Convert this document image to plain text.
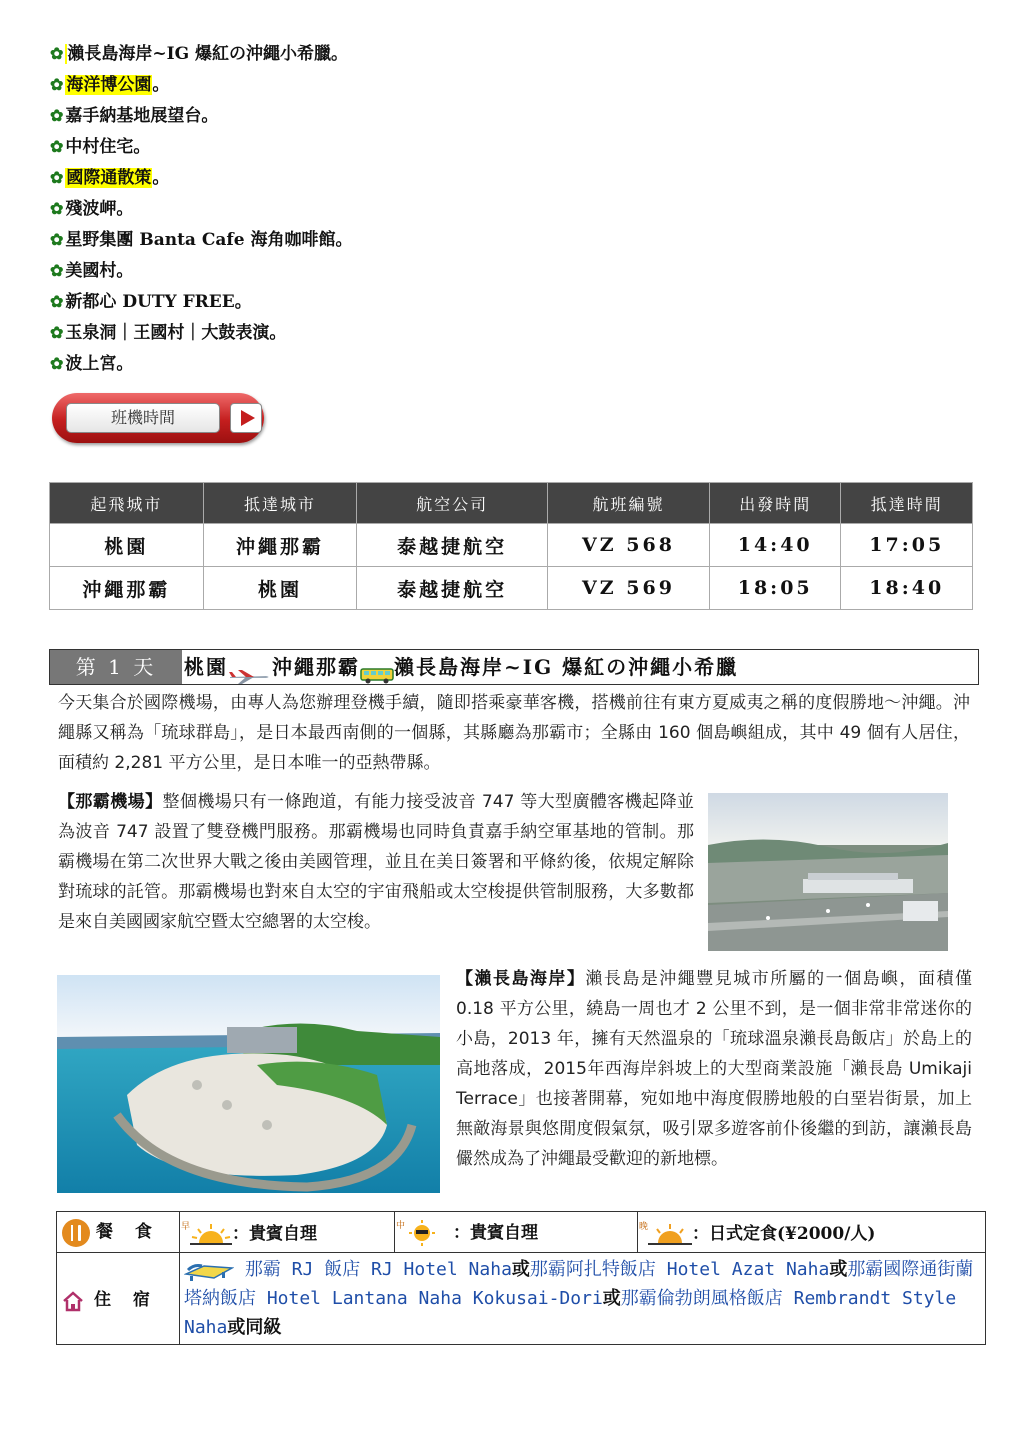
✿ 瀨長島海岸~IG 爆紅の沖繩小希臘。
✿ 海洋博公園。
✿ 嘉手納基地展望台。
✿ 中村住宅。
✿ 國際通散策。
✿ 殘波岬。
✿ 星野集團 Banta Cafe 海角咖啡館。
✿ 美國村。
✿ 新都心 DUTY FREE。
✿ 玉泉洞｜王國村｜大鼓表演。
✿ 波上宮。
班機時間
起飛城市	抵達城市	航空公司	航班編號	出發時間	抵達時間
桃園	沖繩那霸	泰越捷航空	VZ 568	14:40	17:05
沖繩那霸	桃園	泰越捷航空	VZ 569	18:05	18:40
第 1 天	桃園 沖繩那霸 瀨長島海岸~IG 爆紅の沖繩小希臘
今天集合於國際機場，由專人為您辦理登機手續，隨即搭乘豪華客機，搭機前往有東方夏威夷之稱的度假勝地～沖繩。沖繩縣又稱為「琉球群島」，是日本最西南側的一個縣，其縣廳為那霸市；全縣由 160 個島嶼組成，其中 49 個有人居住，面積約 2,281 平方公里，是日本唯一的亞熱帶縣。
【那霸機場】整個機場只有一條跑道，有能力接受波音 747 等大型廣體客機起降並為波音 747 設置了雙登機門服務。那霸機場也同時負責嘉手納空軍基地的管制。那霸機場在第二次世界大戰之後由美國管理，並且在美日簽署和平條約後，依規定解除對琉球的託管。那霸機場也對來自太空的宇宙飛船或太空梭提供管制服務，大多數都是來自美國國家航空暨太空總署的太空梭。
【瀨長島海岸】瀨長島是沖繩豐見城市所屬的一個島嶼，面積僅 0.18 平方公里，繞島一周也才 2 公里不到，是一個非常非常迷你的小島，2013 年，擁有天然溫泉的「琉球溫泉瀨長島飯店」於島上的高地落成，2015年西海岸斜坡上的大型商業設施「瀨長島 Umikaji Terrace」也接著開幕，宛如地中海度假勝地般的白堊岩街景，加上無敵海景與悠閒度假氣氛，吸引眾多遊客前仆後繼的到訪，讓瀨長島儼然成為了沖繩最受歡迎的新地標。
餐 食	$^早$ ：貴賓自理	$^中$ ：貴賓自理	$^晚$ ：日式定食(¥2000/人)
住 宿	那霸 RJ 飯店 RJ Hotel Naha或那霸阿扎特飯店 Hotel Azat Naha或那霸國際通街蘭塔納飯店 Hotel Lantana Naha Kokusai-Dori或那霸倫勃朗風格飯店 Rembrandt Style Naha或同級		
